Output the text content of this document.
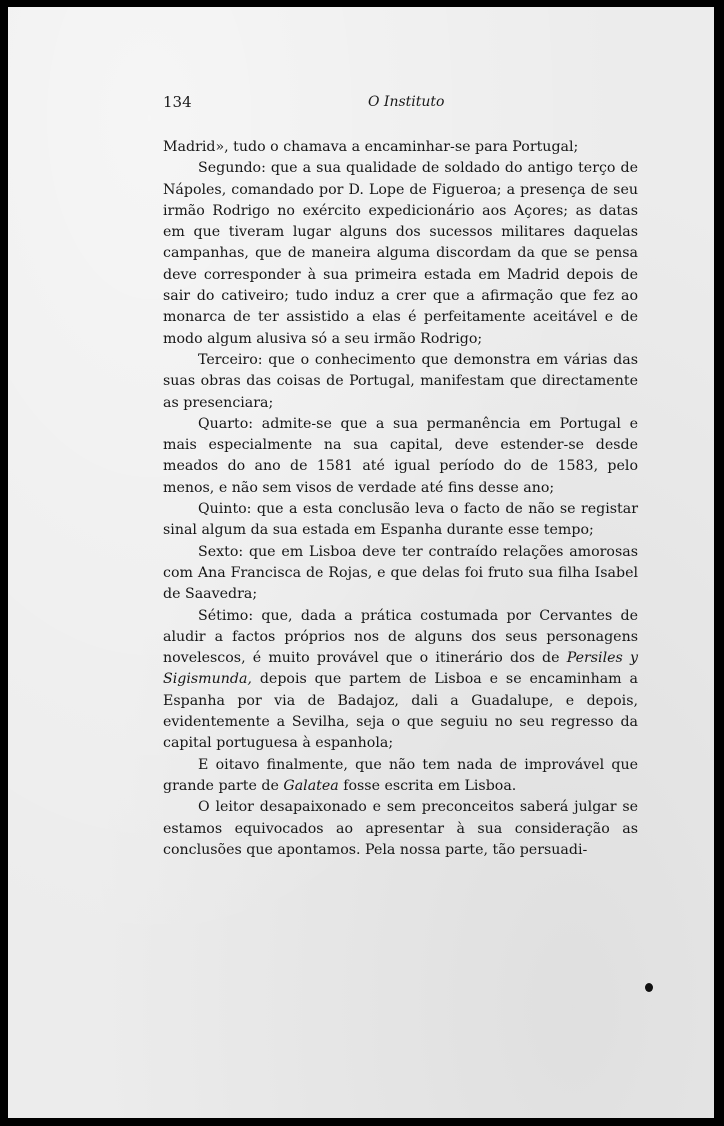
134	O Instituto

Madrid», tudo o chamava a encaminhar-se para Portugal;

Segundo: que a sua qualidade de soldado do antigo terço de Nápoles, comandado por D. Lope de Figueroa; a presença de seu irmão Rodrigo no exército expedicionário aos Açores; as datas em que tiveram lugar alguns dos sucessos militares daquelas campanhas, que de maneira alguma discordam da que se pensa deve corresponder à sua primeira estada em Madrid depois de sair do cativeiro; tudo induz a crer que a afirmação que fez ao monarca de ter assistido a elas é perfeitamente aceitável e de modo algum alusiva só a seu irmão Rodrigo;

Terceiro: que o conhecimento que demonstra em várias das suas obras das coisas de Portugal, manifestam que directamente as presenciara;

Quarto: admite-se que a sua permanência em Portugal e mais especialmente na sua capital, deve estender-se desde meados do ano de 1581 até igual período do de 1583, pelo menos, e não sem visos de verdade até fins desse ano;

Quinto: que a esta conclusão leva o facto de não se registar sinal algum da sua estada em Espanha durante esse tempo;

Sexto: que em Lisboa deve ter contraído relações amorosas com Ana Francisca de Rojas, e que delas foi fruto sua filha Isabel de Saavedra;

Sétimo: que, dada a prática costumada por Cervantes de aludir a factos próprios nos de alguns dos seus personagens novelescos, é muito provável que o itinerário dos de Persiles y Sigismunda, depois que partem de Lisboa e se encaminham a Espanha por via de Badajoz, dali a Guadalupe, e depois, evidentemente a Sevilha, seja o que seguiu no seu regresso da capital portuguesa à espanhola;

E oitavo finalmente, que não tem nada de improvável que grande parte de Galatea fosse escrita em Lisboa.

O leitor desapaixonado e sem preconceitos saberá julgar se estamos equivocados ao apresentar à sua consideração as conclusões que apontamos. Pela nossa parte, tão persuadi-
